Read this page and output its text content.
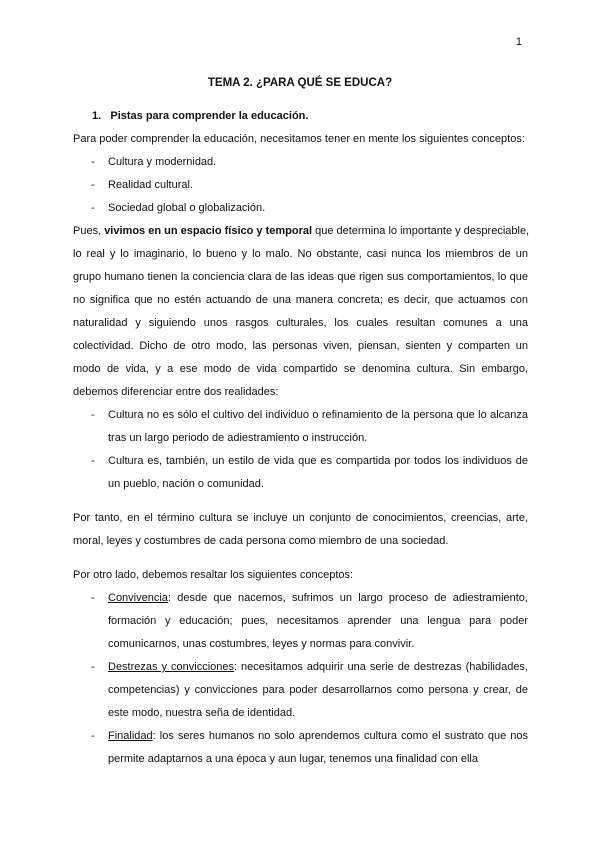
1
TEMA 2. ¿PARA QUÉ SE EDUCA?
1. Pistas para comprender la educación.
Para poder comprender la educación, necesitamos tener en mente los siguientes conceptos:
- Cultura y modernidad.
- Realidad cultural.
- Sociedad global o globalización.
Pues, vivimos en un espacio físico y temporal que determina lo importante y despreciable,
lo real y lo imaginario, lo bueno y lo malo. No obstante, casi nunca los miembros de un
grupo humano tienen la conciencia clara de las ideas que rigen sus comportamientos, lo que
no significa que no estén actuando de una manera concreta; es decir, que actuamos con
naturalidad y siguiendo unos rasgos culturales, los cuales resultan comunes a una
colectividad. Dicho de otro modo, las personas viven, piensan, sienten y comparten un
modo de vida, y a ese modo de vida compartido se denomina cultura. Sin embargo,
debemos diferenciar entre dos realidades:
- Cultura no es sólo el cultivo del individuo o refinamiento de la persona que lo alcanza
tras un largo periodo de adiestramiento o instrucción.
- Cultura es, también, un estilo de vida que es compartida por todos los individuos de
un pueblo, nación o comunidad.
Por tanto, en el término cultura se incluye un conjunto de conocimientos, creencias, arte,
moral, leyes y costumbres de cada persona como miembro de una sociedad.
Por otro lado, debemos resaltar los siguientes conceptos:
- Convivencia: desde que nacemos, sufrimos un largo proceso de adiestramiento,
formación y educación; pues, necesitamos aprender una lengua para poder
comunicarnos, unas costumbres, leyes y normas para convivir.
- Destrezas y convicciones: necesitamos adquirir una serie de destrezas (habilidades,
competencias) y convicciones para poder desarrollarnos como persona y crear, de
este modo, nuestra seña de identidad.
- Finalidad: los seres humanos no solo aprendemos cultura como el sustrato que nos
permite adaptarnos a una época y aun lugar, tenemos una finalidad con ella
